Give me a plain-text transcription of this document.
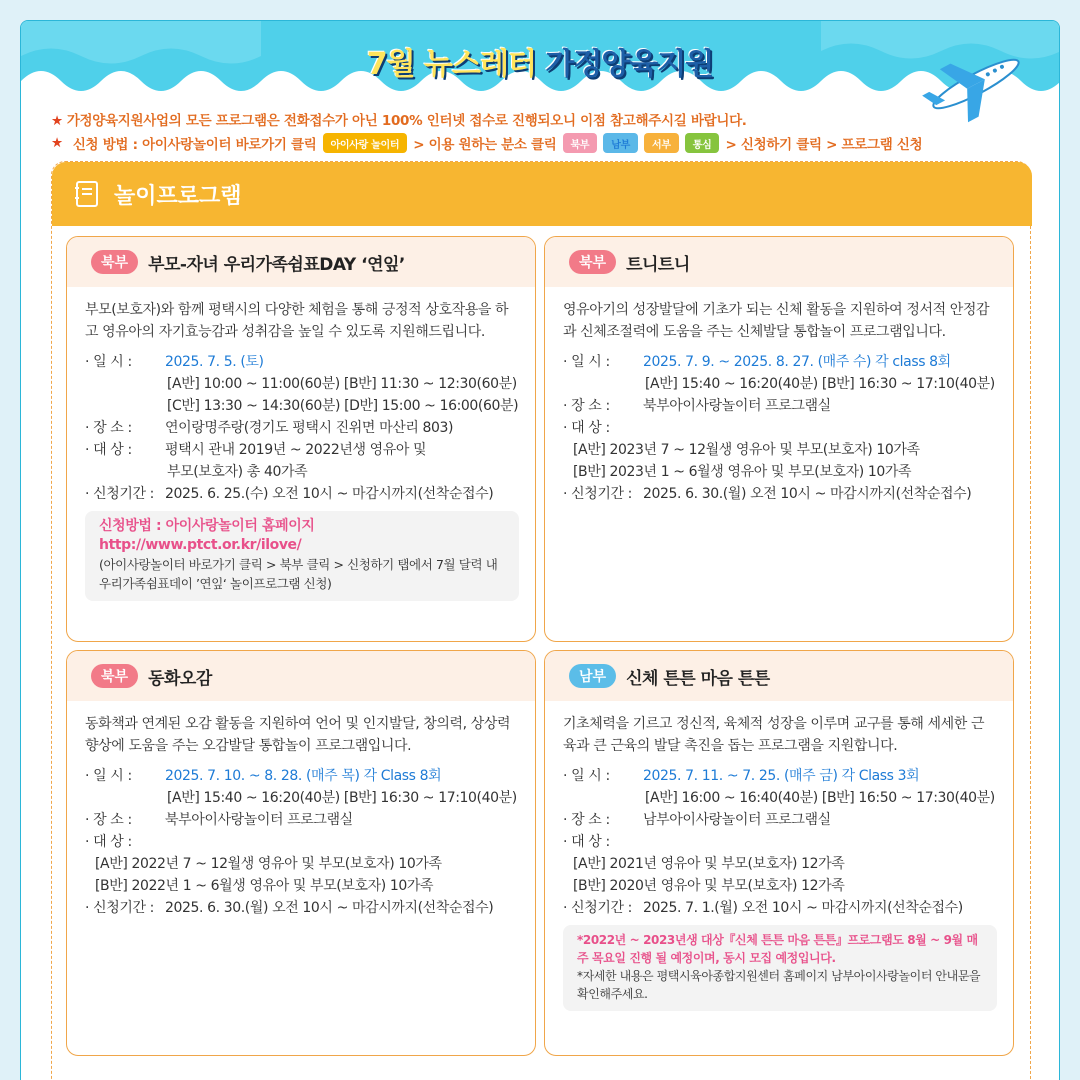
7월 뉴스레터 가정양육지원
★ 가정양육지원사업의 모든 프로그램은 전화접수가 아닌 100% 인터넷 접수로 진행되오니 이점 참고해주시길 바랍니다.
★ 신청 방법 : 아이사랑놀이터 바로가기 클릭	아이사랑 놀이터	> 이용 원하는 분소 클릭	북부	남부	서부	통심	> 신청하기 클릭 > 프로그램 신청
놀이프로그램
북부	부모-자녀 우리가족쉼표DAY ‘연잎’
부모(보호자)와 함께 평택시의 다양한 체험을 통해 긍정적 상호작용을 하고 영유아의 자기효능감과 성취감을 높일 수 있도록 지원해드립니다.
· 일 시 :	2025. 7. 5. (토)
[A반] 10:00 ~ 11:00(60분) [B반] 11:30 ~ 12:30(60분)
[C반] 13:30 ~ 14:30(60분) [D반] 15:00 ~ 16:00(60분)
· 장 소 :	연이랑명주랑(경기도 평택시 진위면 마산리 803)
· 대 상 :	평택시 관내 2019년 ~ 2022년생 영유아 및
부모(보호자) 총 40가족
· 신청기간 : 2025. 6. 25.(수) 오전 10시 ~ 마감시까지(선착순접수)
신청방법 : 아이사랑놀이터 홈페이지 http://www.ptct.or.kr/ilove/
(아이사랑놀이터 바로가기 클릭 > 북부 클릭 > 신청하기 탭에서 7월 달력 내 우리가족쉼표데이 ’연잎‘ 놀이프로그램 신청)
북부	트니트니
영유아기의 성장발달에 기초가 되는 신체 활동을 지원하여 정서적 안정감과 신체조절력에 도움을 주는 신체발달 통합놀이 프로그램입니다.
· 일 시 :	2025. 7. 9. ~ 2025. 8. 27. (매주 수) 각 class 8회
[A반] 15:40 ~ 16:20(40분) [B반] 16:30 ~ 17:10(40분)
· 장 소 :	북부아이사랑놀이터 프로그램실
· 대 상 :
[A반] 2023년 7 ~ 12월생 영유아 및 부모(보호자) 10가족
[B반] 2023년 1 ~ 6월생 영유아 및 부모(보호자) 10가족
· 신청기간 : 2025. 6. 30.(월) 오전 10시 ~ 마감시까지(선착순접수)
북부	동화오감
동화책과 연계된 오감 활동을 지원하여 언어 및 인지발달, 창의력, 상상력 향상에 도움을 주는 오감발달 통합놀이 프로그램입니다.
· 일 시 :	2025. 7. 10. ~ 8. 28. (매주 목) 각 Class 8회
[A반] 15:40 ~ 16:20(40분) [B반] 16:30 ~ 17:10(40분)
· 장 소 :	북부아이사랑놀이터 프로그램실
· 대 상 :
[A반] 2022년 7 ~ 12월생 영유아 및 부모(보호자) 10가족
[B반] 2022년 1 ~ 6월생 영유아 및 부모(보호자) 10가족
· 신청기간 : 2025. 6. 30.(월) 오전 10시 ~ 마감시까지(선착순접수)
남부	신체 튼튼 마음 튼튼
기초체력을 기르고 정신적, 육체적 성장을 이루며 교구를 통해 세세한 근육과 큰 근육의 발달 촉진을 돕는 프로그램을 지원합니다.
· 일 시 :	2025. 7. 11. ~ 7. 25. (매주 금) 각 Class 3회
[A반] 16:00 ~ 16:40(40분) [B반] 16:50 ~ 17:30(40분)
· 장 소 :	남부아이사랑놀이터 프로그램실
· 대 상 :
[A반] 2021년 영유아 및 부모(보호자) 12가족
[B반] 2020년 영유아 및 부모(보호자) 12가족
· 신청기간 : 2025. 7. 1.(월) 오전 10시 ~ 마감시까지(선착순접수)
*2022년 ~ 2023년생 대상『신체 튼튼 마음 튼튼』프로그램도 8월 ~ 9월 매주 목요일 진행 될 예정이며, 동시 모집 예정입니다.
*자세한 내용은 평택시육아종합지원센터 홈페이지 남부아이사랑놀이터 안내문을 확인해주세요.
